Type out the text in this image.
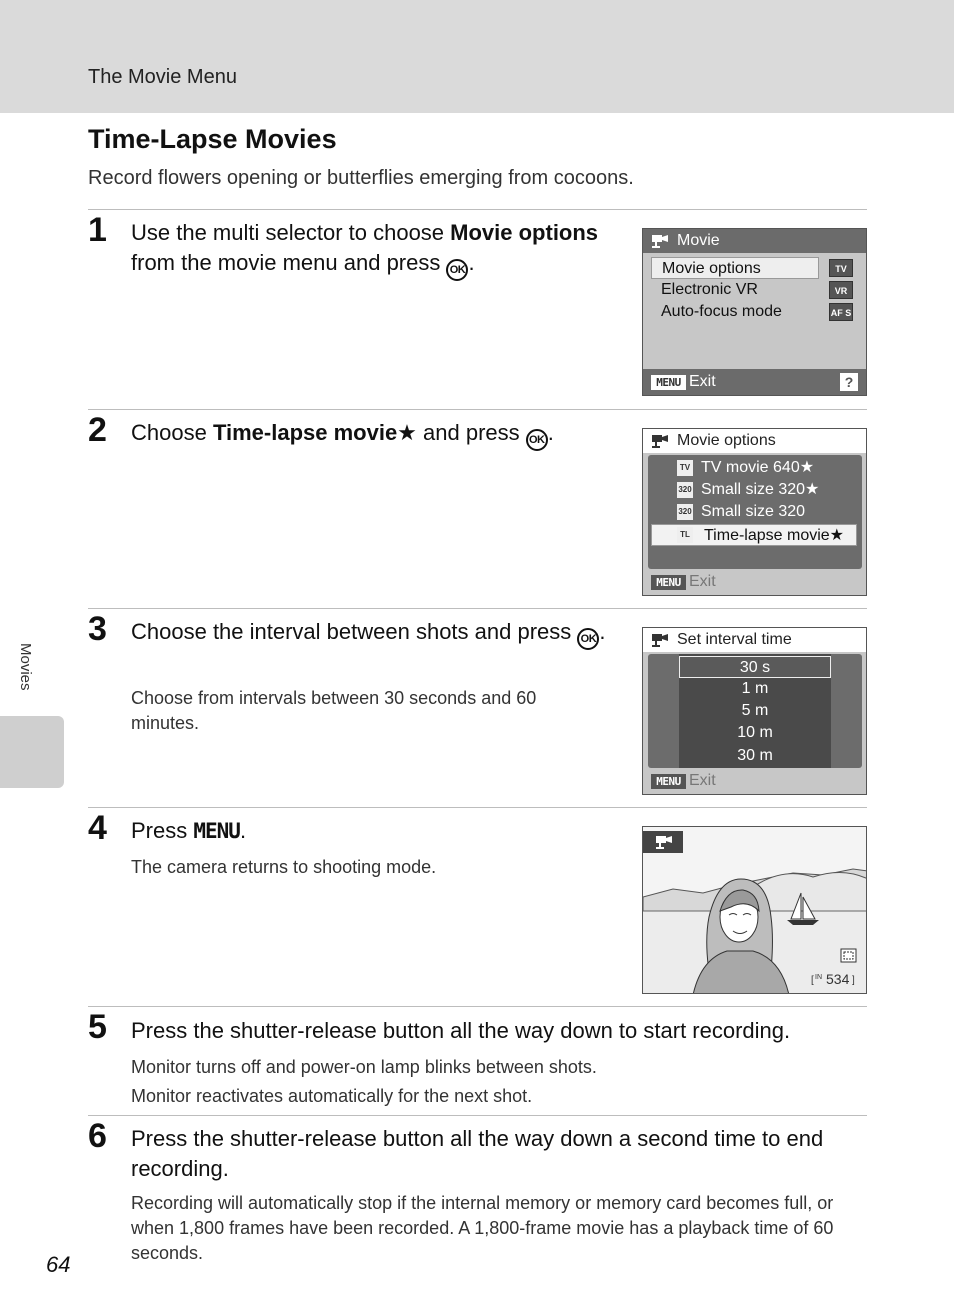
The Movie Menu
Time-Lapse Movies

Record flowers opening or butterflies emerging from cocoons.

1 Use the multi selector to choose Movie options from the movie menu and press OK .
Movie
Movie options
Electronic VR
Auto-focus mode
TV
VR
AF S
MENU Exit	?
2 Choose Time-lapse movie★ and press OK .	Movie options
TV TV movie 640★
320 Small size 320★
320 Small size 320
Time-lapse movie★
TL
MENU Exit
3 Choose the interval between shots and press OK .
Choose from intervals between 30 seconds and 60 minutes.
Set interval time
30 s
1 m
5 m
10 m
30 m
MENU Exit
4 Press MENU.
The camera returns to shooting mode.
[ IN 534 ]
5 Press the shutter-release button all the way down to start recording.
Monitor turns off and power-on lamp blinks between shots.
Monitor reactivates automatically for the next shot.
6 Press the shutter-release button all the way down a second time to end recording.
Recording will automatically stop if the internal memory or memory card becomes full, or when 1,800 frames have been recorded. A 1,800-frame movie has a playback time of 60 seconds.
Movies
64
